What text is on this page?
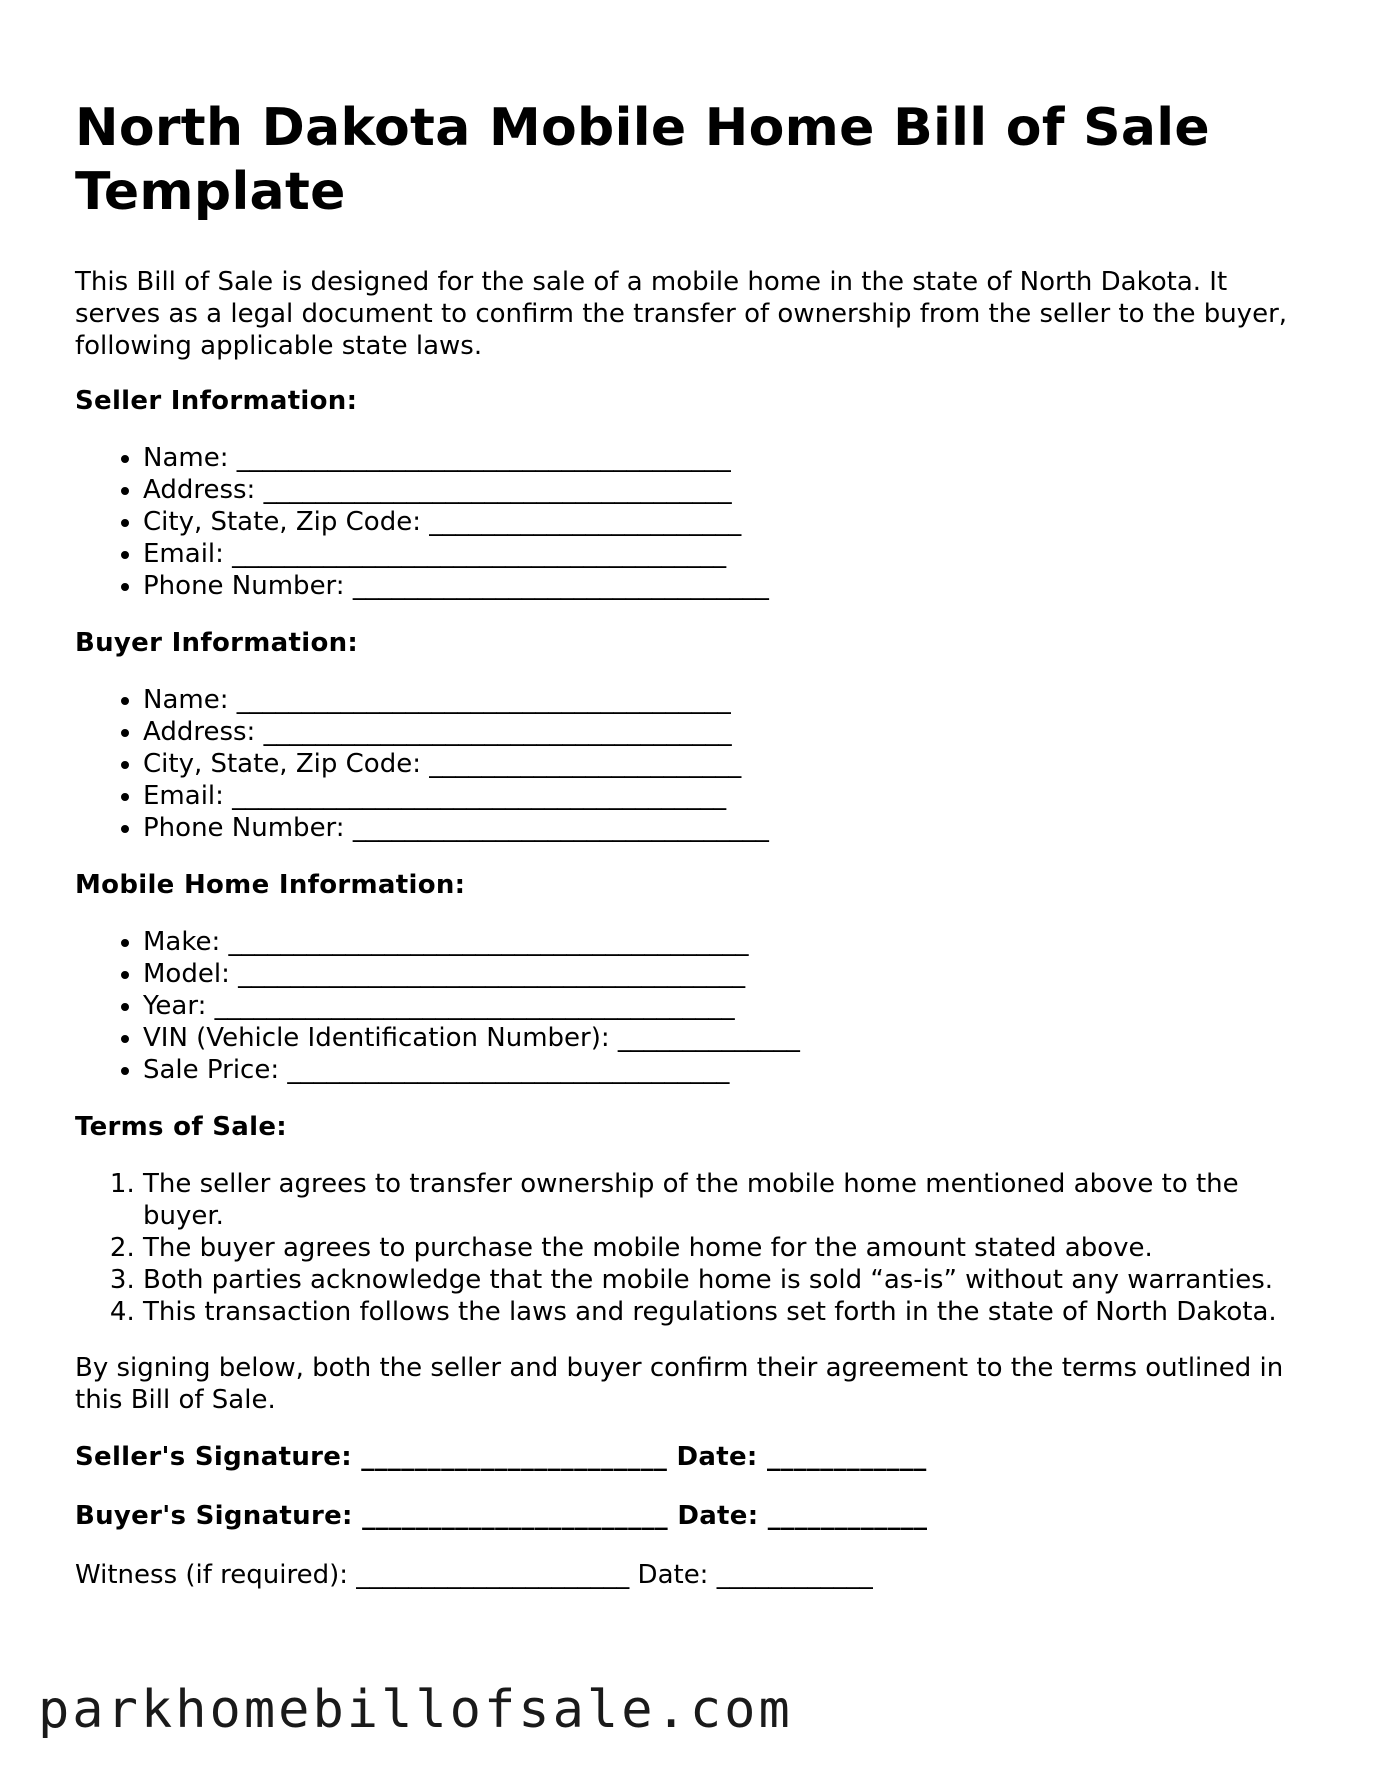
North Dakota Mobile Home Bill of Sale Template

This Bill of Sale is designed for the sale of a mobile home in the state of North Dakota. It serves as a legal document to confirm the transfer of ownership from the seller to the buyer, following applicable state laws.

Seller Information:
• Name: ______________________________________
• Address: ____________________________________
• City, State, Zip Code: ________________________
• Email: ______________________________________
• Phone Number: ________________________________
Buyer Information:
• Name: ______________________________________
• Address: ____________________________________
• City, State, Zip Code: ________________________
• Email: ______________________________________
• Phone Number: ________________________________
Mobile Home Information:
• Make: ________________________________________
• Model: _______________________________________
• Year: ________________________________________
• VIN (Vehicle Identification Number): ______________
• Sale Price: __________________________________
Terms of Sale:
1. The seller agrees to transfer ownership of the mobile home mentioned above to the buyer.
2. The buyer agrees to purchase the mobile home for the amount stated above.
3. Both parties acknowledge that the mobile home is sold “as-is” without any warranties.
4. This transaction follows the laws and regulations set forth in the state of North Dakota.

By signing below, both the seller and buyer confirm their agreement to the terms outlined in this Bill of Sale.

Seller's Signature: _______________________ Date: ____________
Buyer's Signature: _______________________ Date: ____________
Witness (if required): _____________________ Date: ____________
parkhomebillofsale.com
